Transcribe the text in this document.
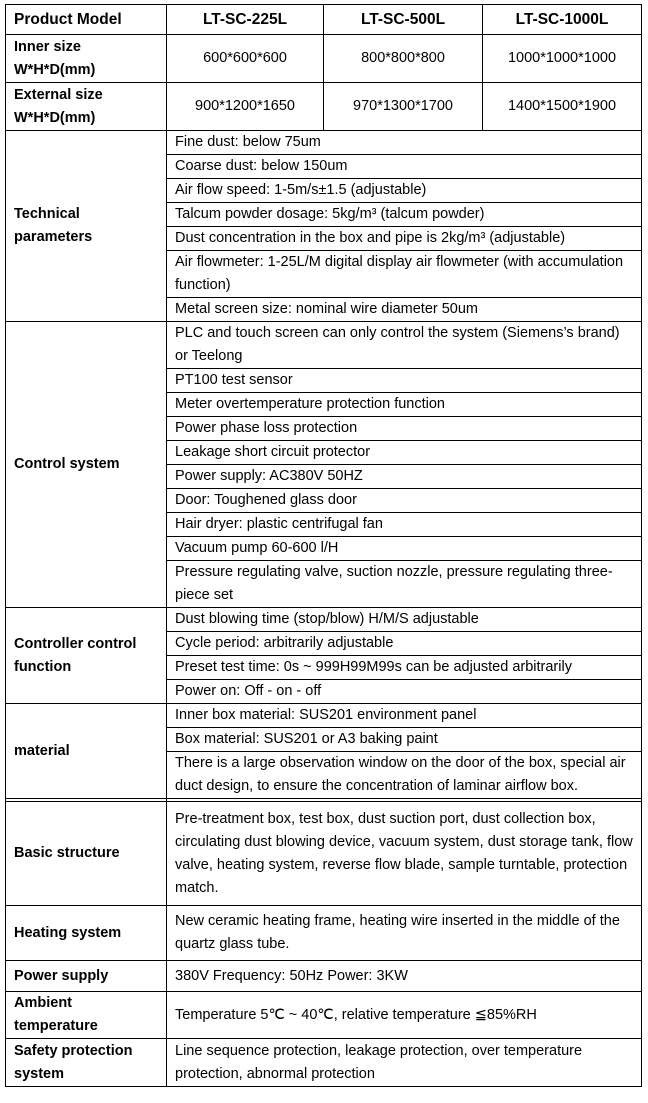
Product Model	LT-SC-225L	LT-SC-500L	LT-SC-1000L
Inner size W*H*D(mm)	600*600*600	800*800*800	1000*1000*1000
External size W*H*D(mm)	900*1200*1650	970*1300*1700	1400*1500*1900
Technical parameters	Fine dust: below 75um		
	Coarse dust: below 150um		
	Air flow speed: 1-5m/s±1.5 (adjustable)		
	Talcum powder dosage: 5kg/m³ (talcum powder)		
	Dust concentration in the box and pipe is 2kg/m³ (adjustable)		
	Air flowmeter: 1-25L/M digital display air flowmeter (with accumulation function)		
	Metal screen size: nominal wire diameter 50um		
Control system	PLC and touch screen can only control the system (Siemens’s brand) or Teelong		
	PT100 test sensor		
	Meter overtemperature protection function		
	Power phase loss protection		
	Leakage short circuit protector		
	Power supply: AC380V 50HZ		
	Door: Toughened glass door		
	Hair dryer: plastic centrifugal fan		
	Vacuum pump 60-600 l/H		
	Pressure regulating valve, suction nozzle, pressure regulating three-piece set		
Controller control function	Dust blowing time (stop/blow) H/M/S adjustable		
	Cycle period: arbitrarily adjustable		
	Preset test time: 0s ~ 999H99M99s can be adjusted arbitrarily		
	Power on: Off - on - off		
material	Inner box material: SUS201 environment panel		
	Box material: SUS201 or A3 baking paint		
	There is a large observation window on the door of the box, special air duct design, to ensure the concentration of laminar airflow box.		

Basic structure	Pre-treatment box, test box, dust suction port, dust collection box, circulating dust blowing device, vacuum system, dust storage tank, flow valve, heating system, reverse flow blade, sample turntable, protection match.		
Heating system	New ceramic heating frame, heating wire inserted in the middle of the quartz glass tube.		
Power supply	380V Frequency: 50Hz Power: 3KW		
Ambient temperature	Temperature 5℃ ~ 40℃, relative temperature ≦85%RH		
Safety protection system	Line sequence protection, leakage protection, over temperature protection, abnormal protection		
